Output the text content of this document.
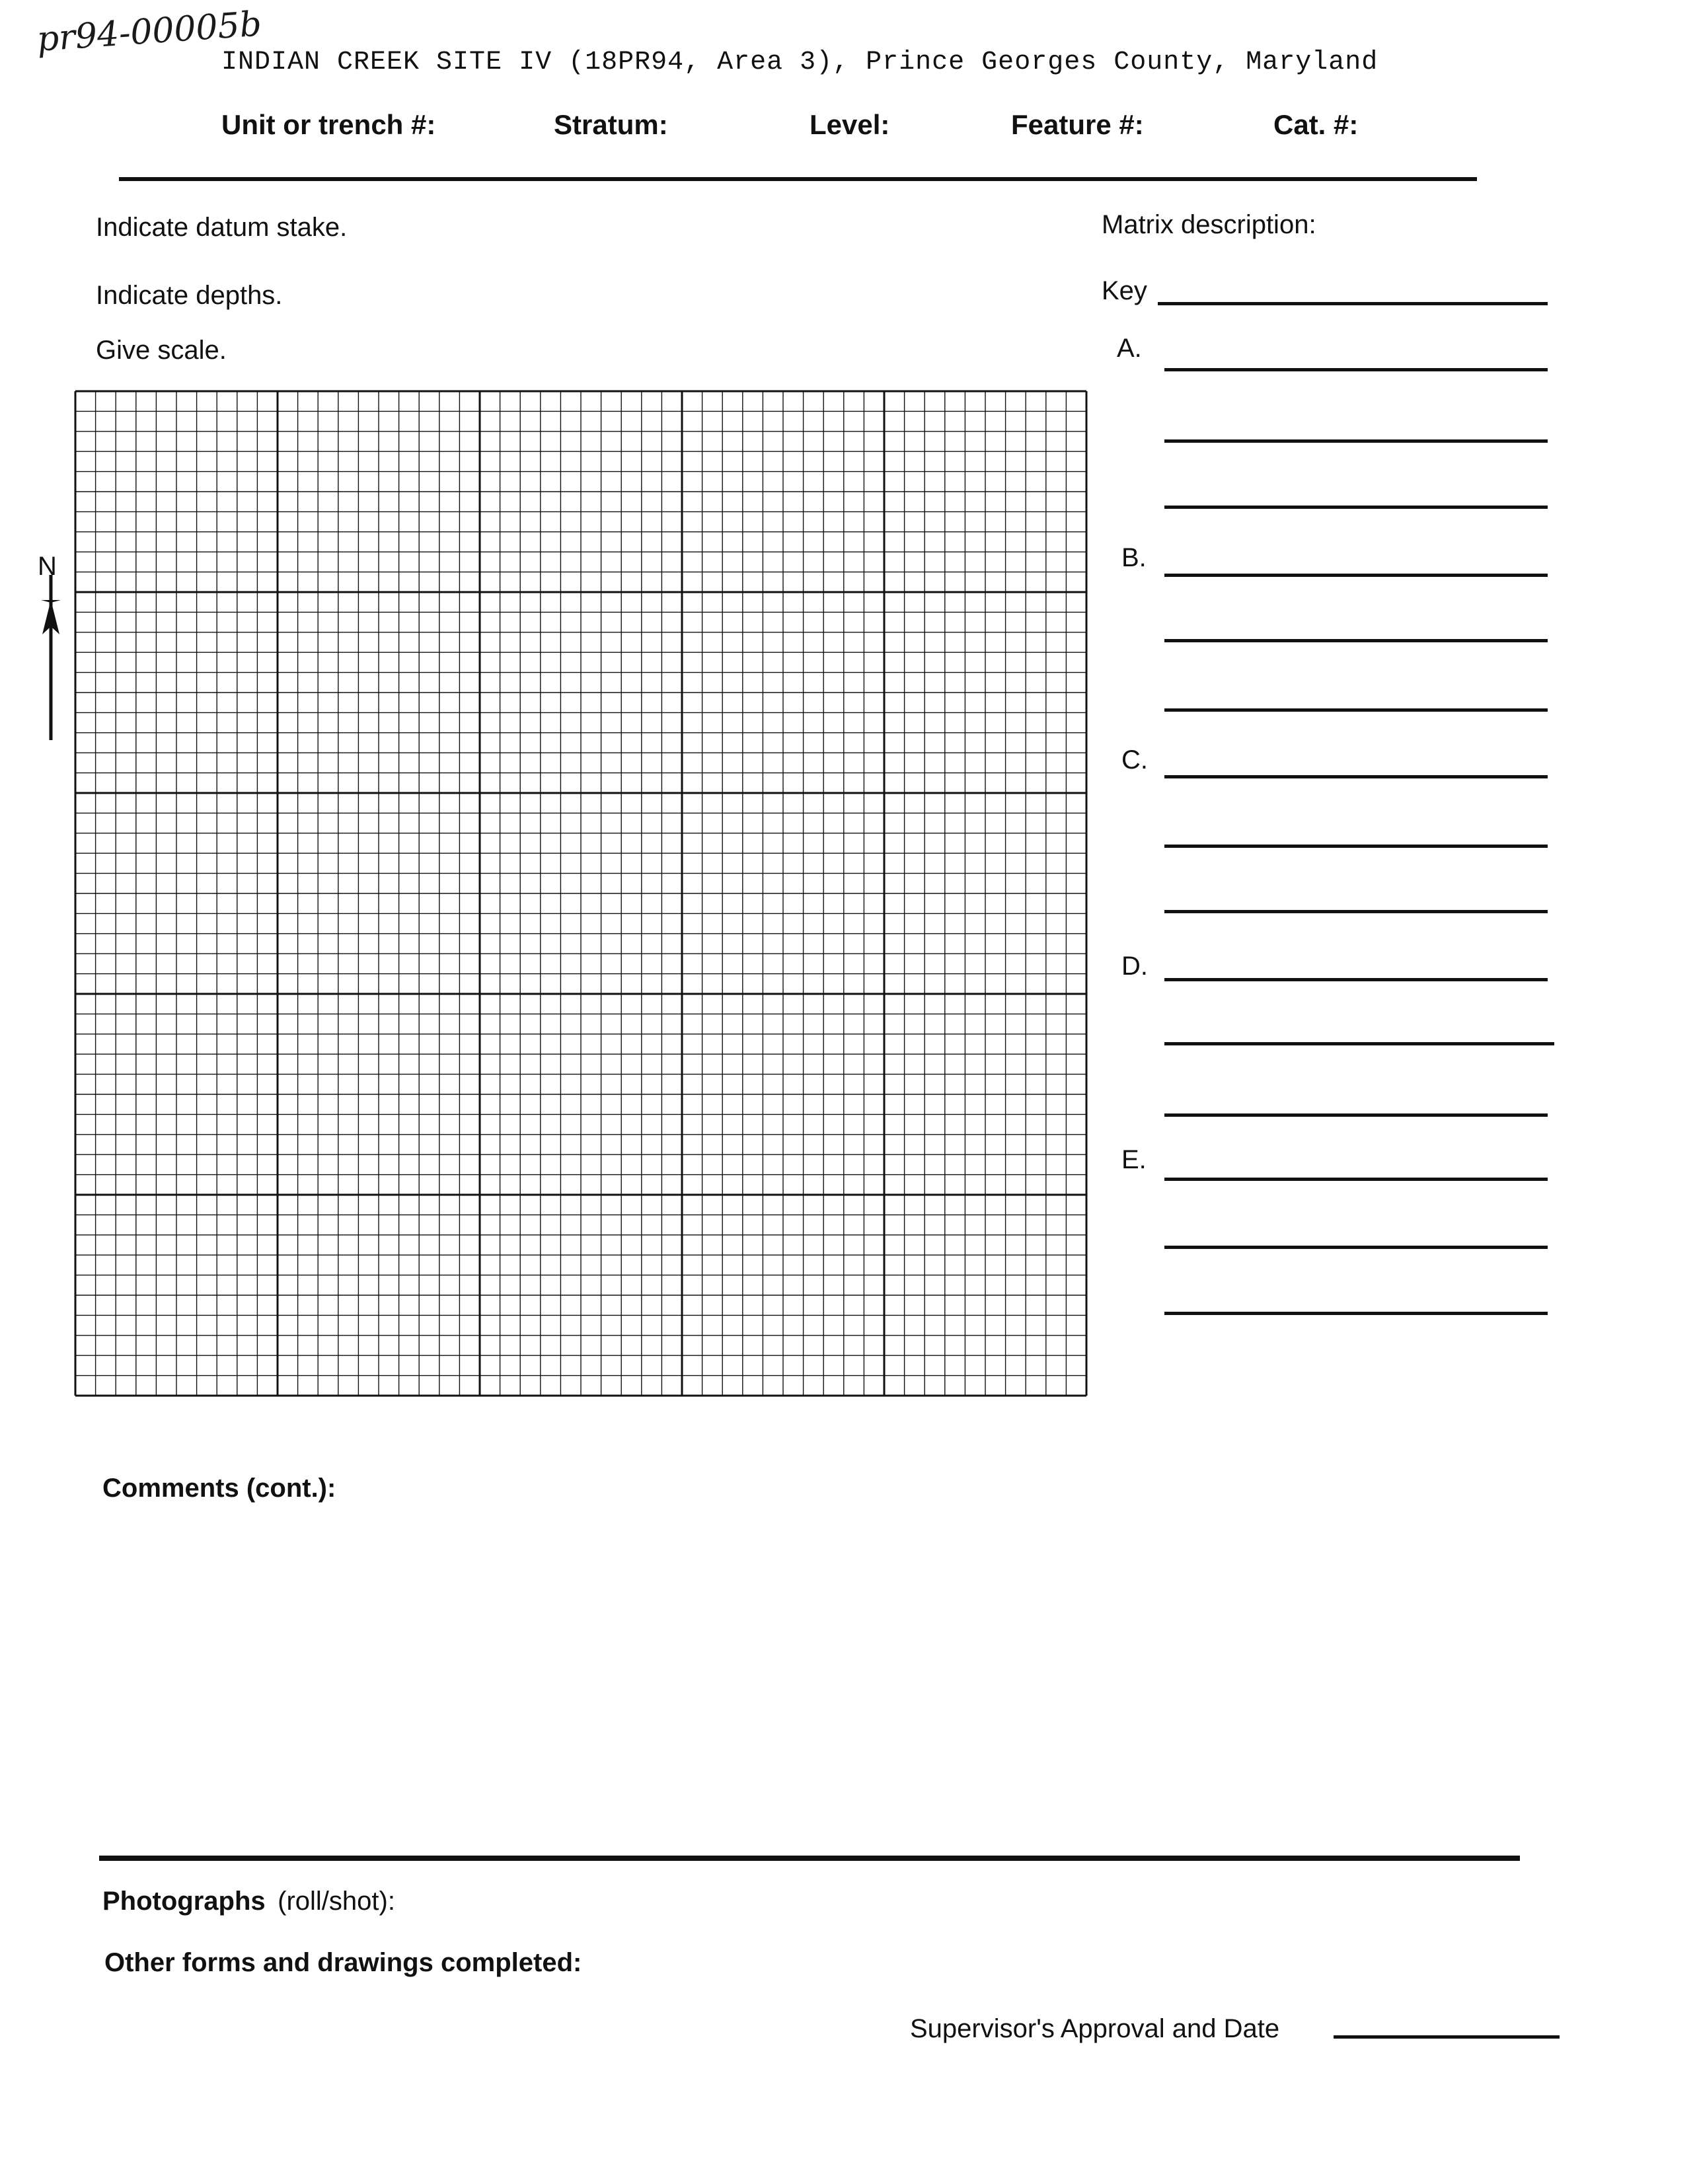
pr94-00005b
INDIAN CREEK SITE IV (18PR94, Area 3), Prince Georges County, Maryland
Unit or trench #:	Stratum:	Level:	Feature #:	Cat. #:
Indicate datum stake.
Indicate depths.
Give scale.
N
Matrix description:
Key
A.
B.
C.
D.
E.
Comments (cont.):
Photographs (roll/shot):
Other forms and drawings completed:
Supervisor's Approval and Date
